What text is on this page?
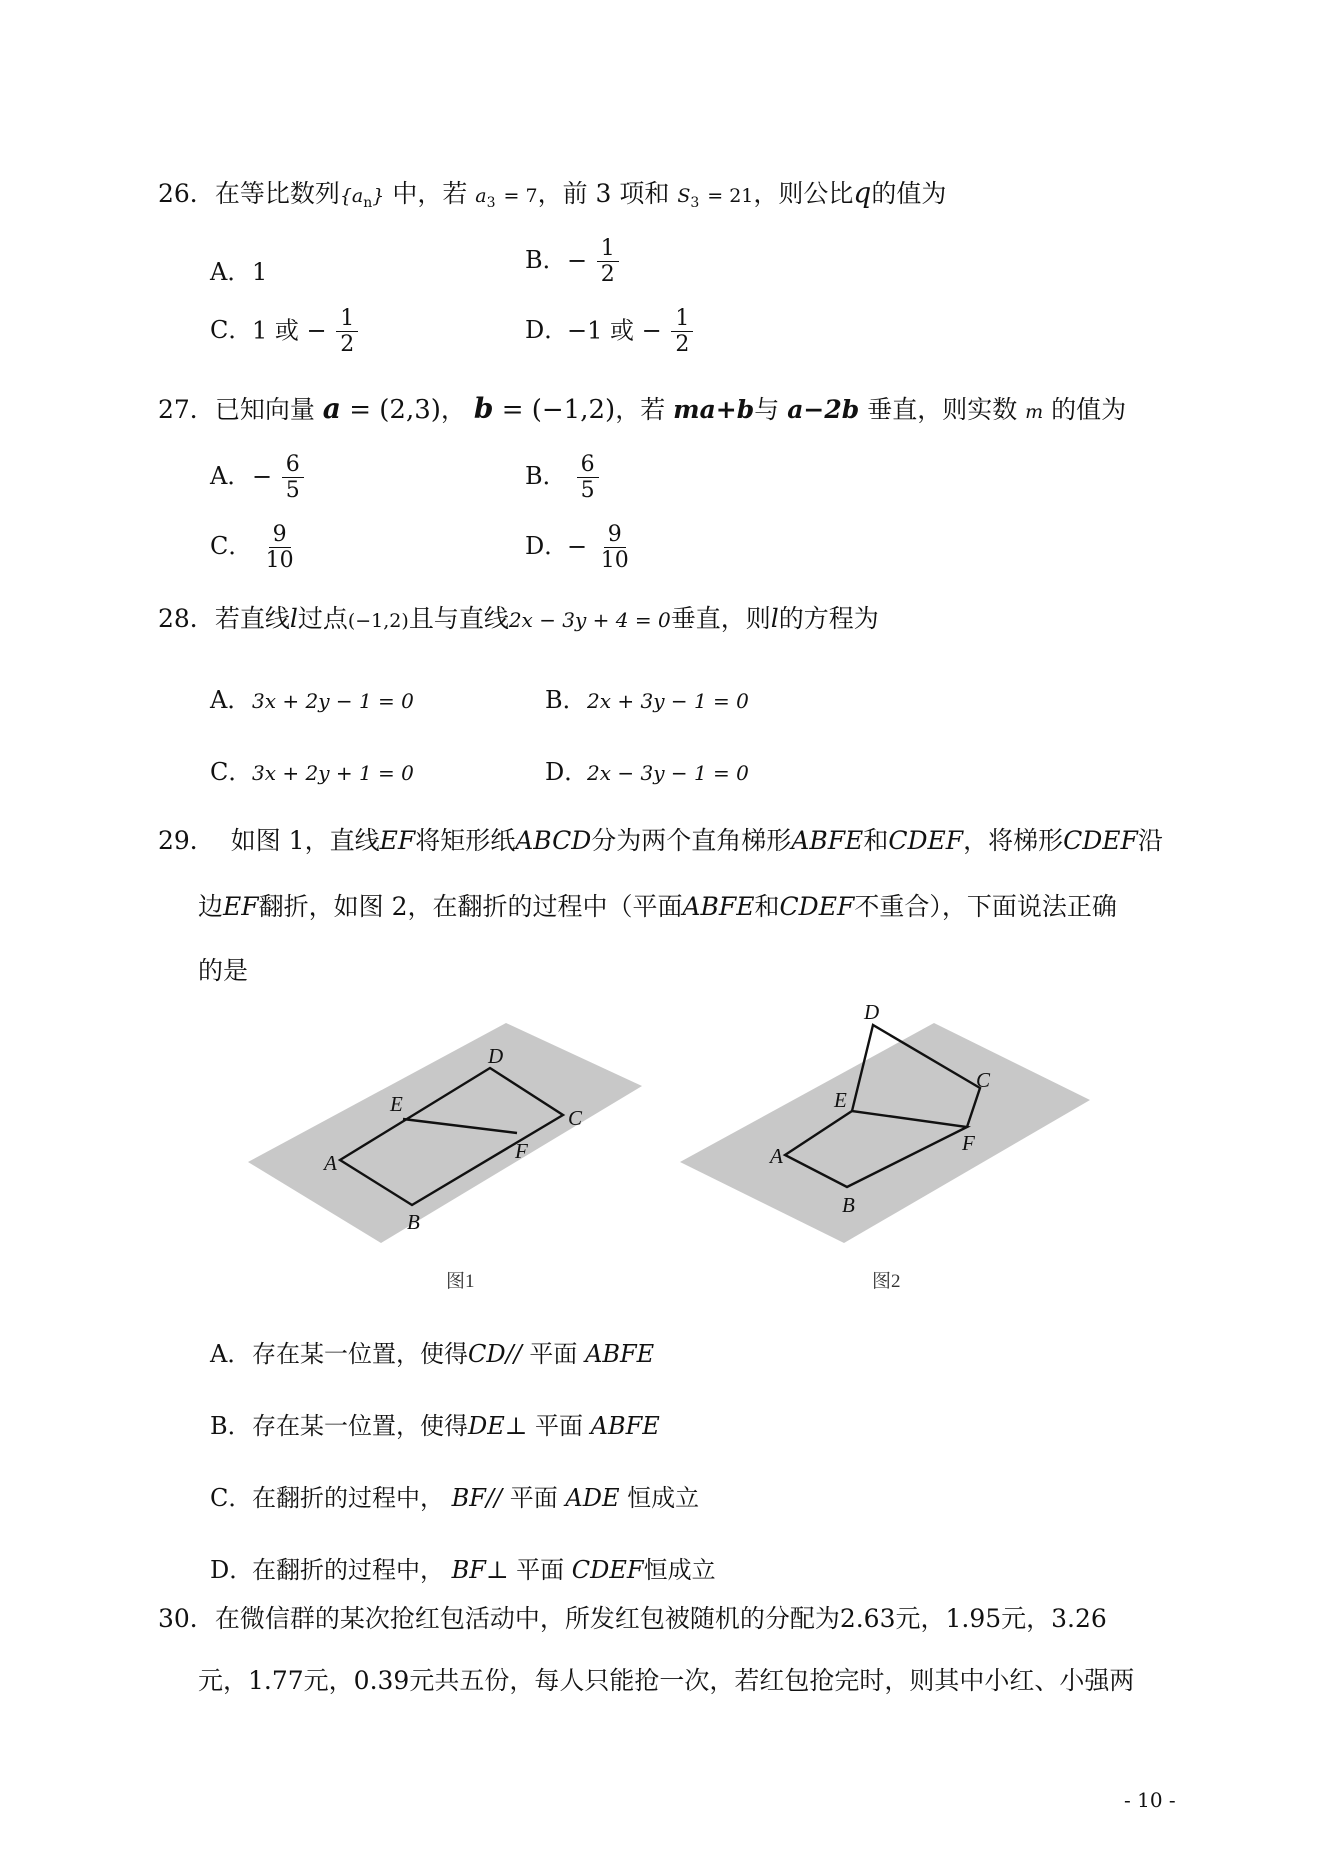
26．在等比数列$\{a_n\}$ 中，若 $a_3 = 7$，前 3 项和 $S_3 = 21$，则公比q的值为
A．1	B．− $\frac{1}{2}$
C．1 或 − $\frac{1}{2}$	D．−1 或 − $\frac{1}{2}$
27．已知向量 a = (2,3)， b = (−1,2)，若 ma+b与 a−2b 垂直，则实数 m 的值为
A．− $\frac{6}{5}$	B． $\frac{6}{5}$
C． $\frac{9}{10}$	D．− $\frac{9}{10}$
28．若直线l过点(−1,2)且与直线2x − 3y + 4 = 0垂直，则l的方程为
A．3x + 2y − 1 = 0	B．2x + 3y − 1 = 0
C．3x + 2y + 1 = 0	D．2x − 3y − 1 = 0
29． 如图 1，直线EF将矩形纸ABCD分为两个直角梯形ABFE和CDEF，将梯形CDEF沿
边EF翻折，如图 2，在翻折的过程中（平面ABFE和CDEF不重合），下面说法正确
的是
A
B
C
D
E
F
图1
A
B
C
D
E
F
图2
A．存在某一位置，使得CD// 平面 ABFE
B．存在某一位置，使得DE⊥ 平面 ABFE
C．在翻折的过程中， BF// 平面 ADE 恒成立
D．在翻折的过程中， BF⊥ 平面 CDEF恒成立
30．在微信群的某次抢红包活动中，所发红包被随机的分配为2.63元，1.95元，3.26
元，1.77元，0.39元共五份，每人只能抢一次，若红包抢完时，则其中小红、小强两
- 10 -
